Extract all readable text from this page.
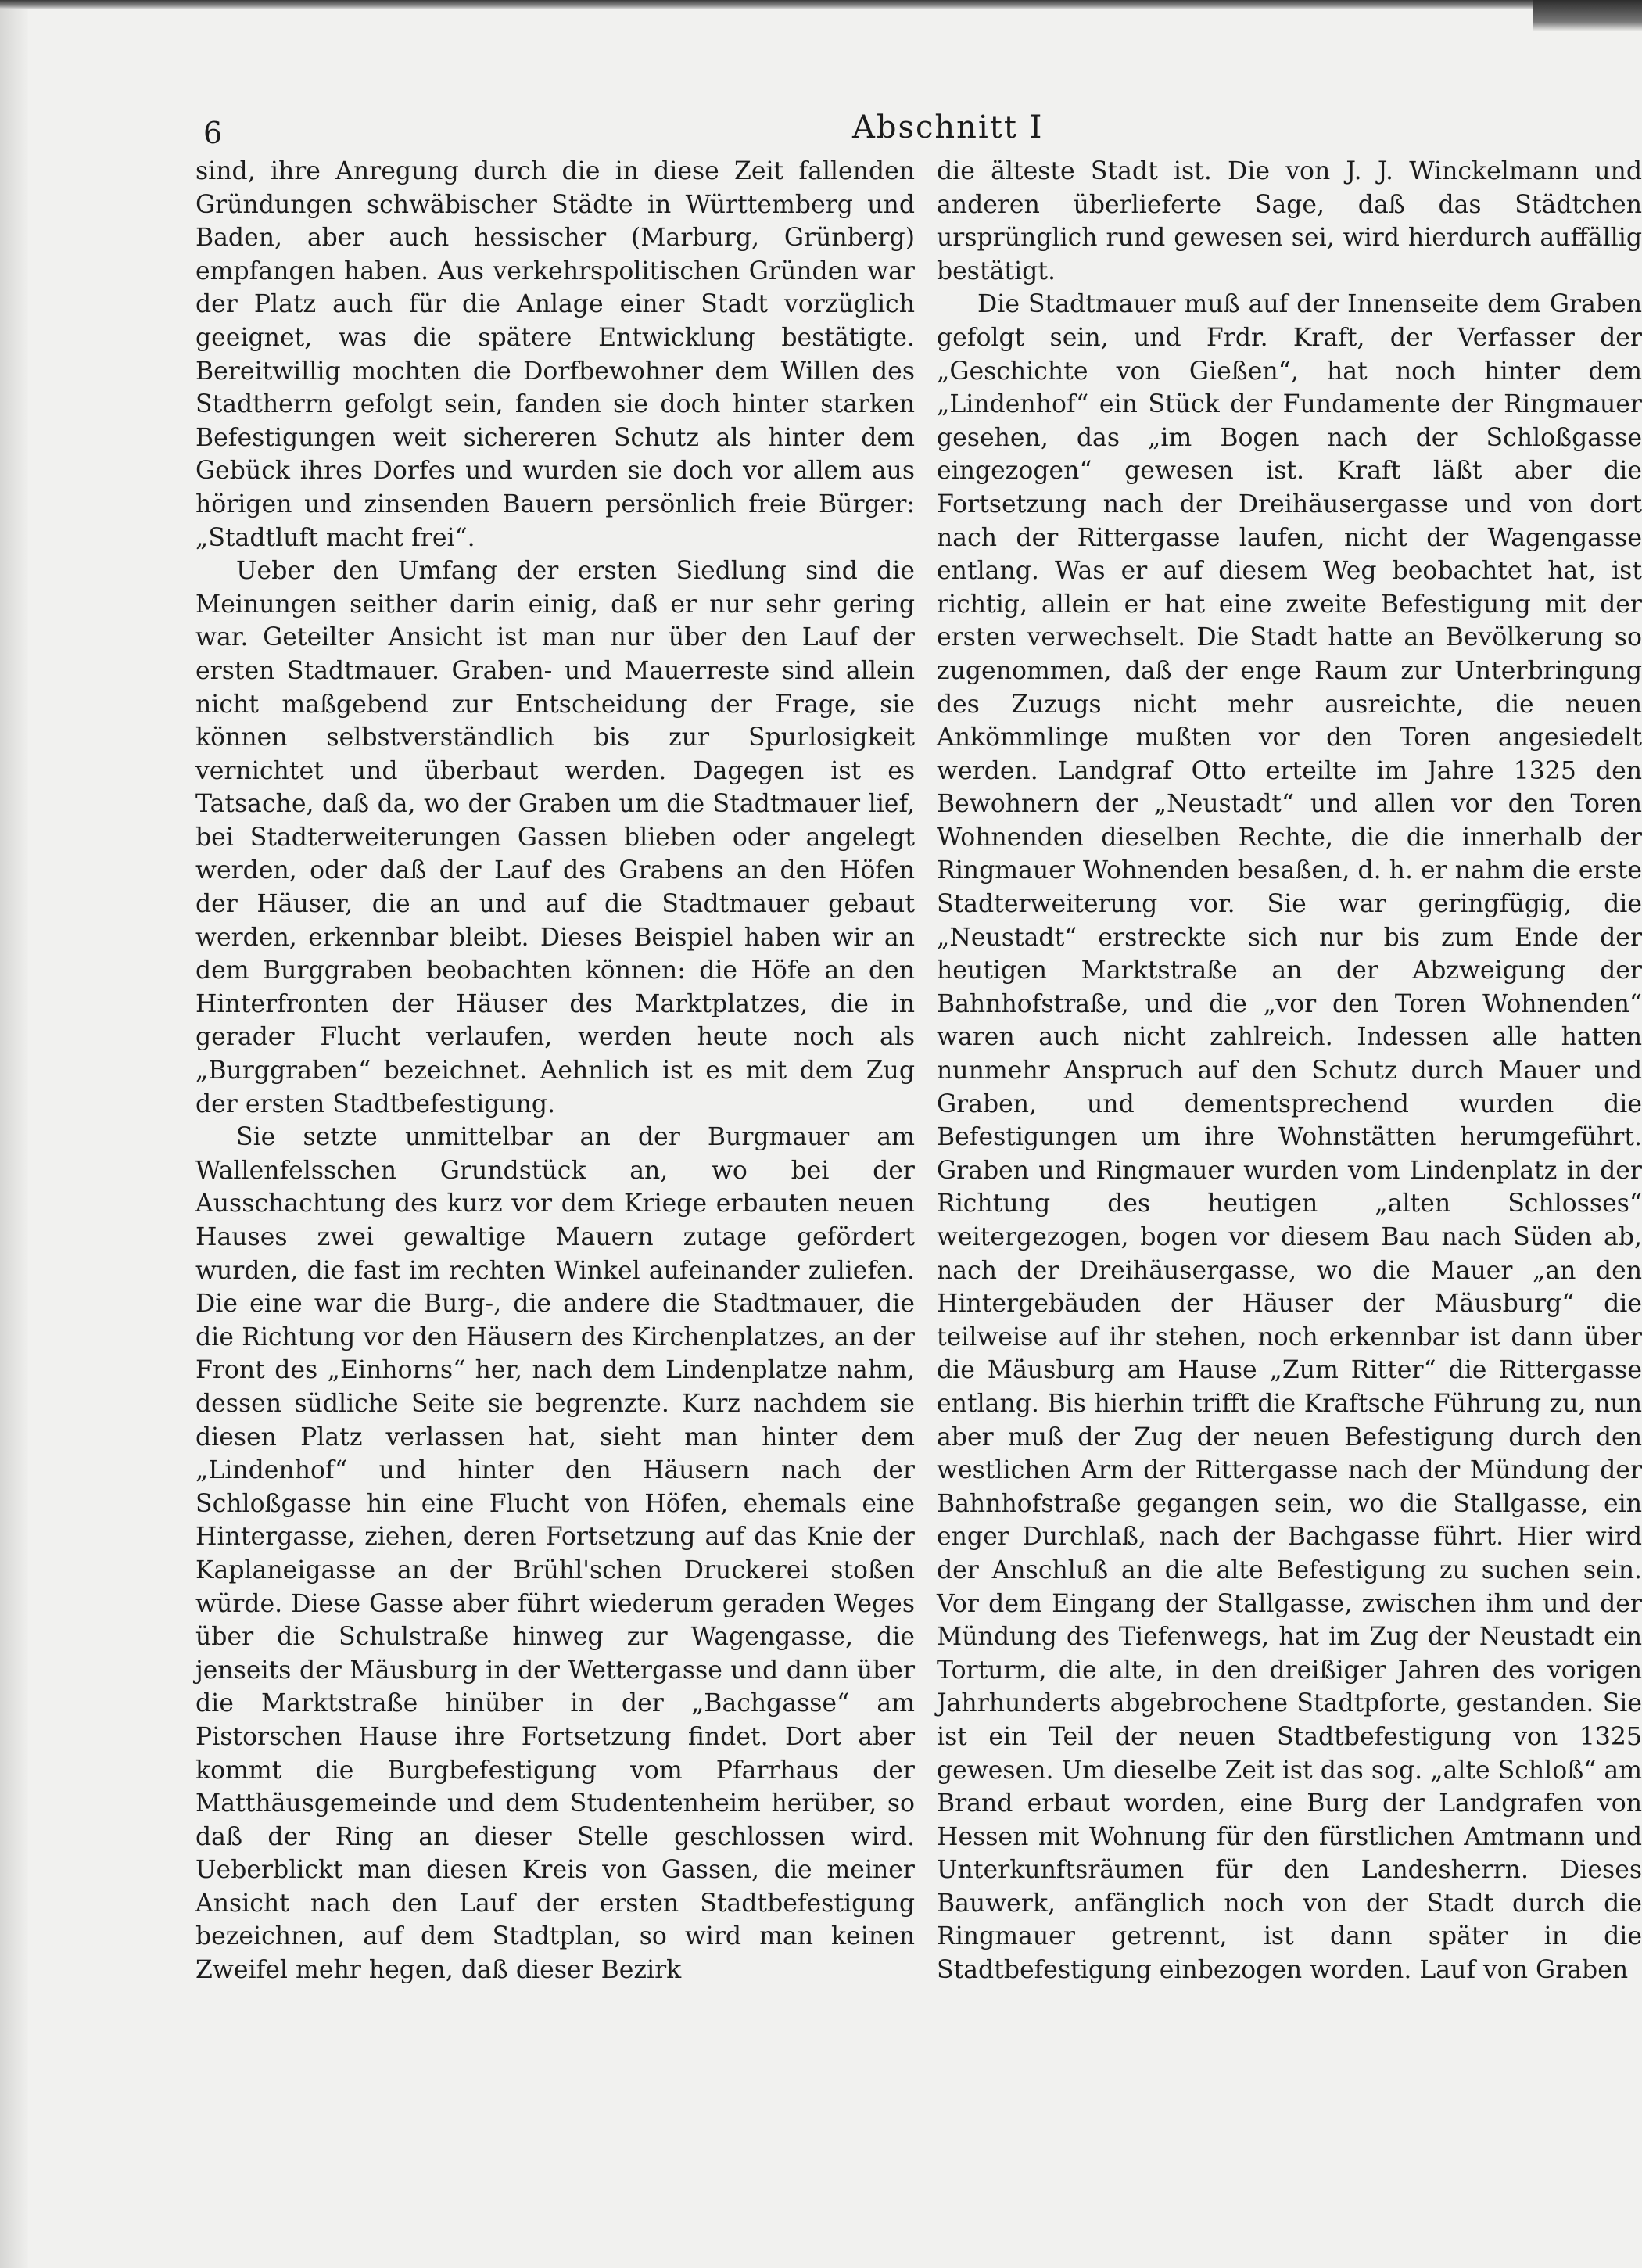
6	Abschnitt I

sind, ihre Anregung durch die in diese Zeit fallenden Gründungen schwäbischer Städte in Württemberg und Baden, aber auch hessischer (Marburg, Grünberg) empfangen haben. Aus verkehrspolitischen Gründen war der Platz auch für die Anlage einer Stadt vorzüglich geeignet, was die spätere Entwicklung bestätigte. Bereitwillig mochten die Dorfbewohner dem Willen des Stadtherrn gefolgt sein, fanden sie doch hinter starken Befestigungen weit sichereren Schutz als hinter dem Gebück ihres Dorfes und wurden sie doch vor allem aus hörigen und zinsenden Bauern persönlich freie Bürger: „Stadtluft macht frei“.

Ueber den Umfang der ersten Siedlung sind die Meinungen seither darin einig, daß er nur sehr gering war. Geteilter Ansicht ist man nur über den Lauf der ersten Stadtmauer. Graben- und Mauerreste sind allein nicht maßgebend zur Entscheidung der Frage, sie können selbstverständlich bis zur Spurlosigkeit vernichtet und überbaut werden. Dagegen ist es Tatsache, daß da, wo der Graben um die Stadtmauer lief, bei Stadterweiterungen Gassen blieben oder angelegt werden, oder daß der Lauf des Grabens an den Höfen der Häuser, die an und auf die Stadtmauer gebaut werden, erkennbar bleibt. Dieses Beispiel haben wir an dem Burggraben beobachten können: die Höfe an den Hinterfronten der Häuser des Marktplatzes, die in gerader Flucht verlaufen, werden heute noch als „Burggraben“ bezeichnet. Aehnlich ist es mit dem Zug der ersten Stadtbefestigung.

Sie setzte unmittelbar an der Burgmauer am Wallenfelsschen Grundstück an, wo bei der Ausschachtung des kurz vor dem Kriege erbauten neuen Hauses zwei gewaltige Mauern zutage gefördert wurden, die fast im rechten Winkel aufeinander zuliefen. Die eine war die Burg-, die andere die Stadtmauer, die die Richtung vor den Häusern des Kirchenplatzes, an der Front des „Einhorns“ her, nach dem Lindenplatze nahm, dessen südliche Seite sie begrenzte. Kurz nachdem sie diesen Platz verlassen hat, sieht man hinter dem „Lindenhof“ und hinter den Häusern nach der Schloßgasse hin eine Flucht von Höfen, ehemals eine Hintergasse, ziehen, deren Fortsetzung auf das Knie der Kaplaneigasse an der Brühl'schen Druckerei stoßen würde. Diese Gasse aber führt wiederum geraden Weges über die Schulstraße hinweg zur Wagengasse, die jenseits der Mäusburg in der Wettergasse und dann über die Marktstraße hinüber in der „Bachgasse“ am Pistorschen Hause ihre Fortsetzung findet. Dort aber kommt die Burgbefestigung vom Pfarrhaus der Matthäusgemeinde und dem Studentenheim herüber, so daß der Ring an dieser Stelle geschlossen wird. Ueberblickt man diesen Kreis von Gassen, die meiner Ansicht nach den Lauf der ersten Stadtbefestigung bezeichnen, auf dem Stadtplan, so wird man keinen Zweifel mehr hegen, daß dieser Bezirk

die älteste Stadt ist. Die von J. J. Winckelmann und anderen überlieferte Sage, daß das Städtchen ursprünglich rund gewesen sei, wird hierdurch auffällig bestätigt.

Die Stadtmauer muß auf der Innenseite dem Graben gefolgt sein, und Frdr. Kraft, der Verfasser der „Geschichte von Gießen“, hat noch hinter dem „Lindenhof“ ein Stück der Fundamente der Ringmauer gesehen, das „im Bogen nach der Schloßgasse eingezogen“ gewesen ist. Kraft läßt aber die Fortsetzung nach der Dreihäusergasse und von dort nach der Rittergasse laufen, nicht der Wagengasse entlang. Was er auf diesem Weg beobachtet hat, ist richtig, allein er hat eine zweite Befestigung mit der ersten verwechselt. Die Stadt hatte an Bevölkerung so zugenommen, daß der enge Raum zur Unterbringung des Zuzugs nicht mehr ausreichte, die neuen Ankömmlinge mußten vor den Toren angesiedelt werden. Landgraf Otto erteilte im Jahre 1325 den Bewohnern der „Neustadt“ und allen vor den Toren Wohnenden dieselben Rechte, die die innerhalb der Ringmauer Wohnenden besaßen, d. h. er nahm die erste Stadterweiterung vor. Sie war geringfügig, die „Neustadt“ erstreckte sich nur bis zum Ende der heutigen Marktstraße an der Abzweigung der Bahnhofstraße, und die „vor den Toren Wohnenden“ waren auch nicht zahlreich. Indessen alle hatten nunmehr Anspruch auf den Schutz durch Mauer und Graben, und dementsprechend wurden die Befestigungen um ihre Wohnstätten herumgeführt. Graben und Ringmauer wurden vom Lindenplatz in der Richtung des heutigen „alten Schlosses“ weitergezogen, bogen vor diesem Bau nach Süden ab, nach der Dreihäusergasse, wo die Mauer „an den Hintergebäuden der Häuser der Mäusburg“ die teilweise auf ihr stehen, noch erkennbar ist dann über die Mäusburg am Hause „Zum Ritter“ die Rittergasse entlang. Bis hierhin trifft die Kraftsche Führung zu, nun aber muß der Zug der neuen Befestigung durch den westlichen Arm der Rittergasse nach der Mündung der Bahnhofstraße gegangen sein, wo die Stallgasse, ein enger Durchlaß, nach der Bachgasse führt. Hier wird der Anschluß an die alte Befestigung zu suchen sein. Vor dem Eingang der Stallgasse, zwischen ihm und der Mündung des Tiefenwegs, hat im Zug der Neustadt ein Torturm, die alte, in den dreißiger Jahren des vorigen Jahrhunderts abgebrochene Stadtpforte, gestanden. Sie ist ein Teil der neuen Stadtbefestigung von 1325 gewesen. Um dieselbe Zeit ist das sog. „alte Schloß“ am Brand erbaut worden, eine Burg der Landgrafen von Hessen mit Wohnung für den fürstlichen Amtmann und Unterkunftsräumen für den Landesherrn. Dieses Bauwerk, anfänglich noch von der Stadt durch die Ringmauer getrennt, ist dann später in die Stadtbefestigung einbezogen worden. Lauf von Graben
